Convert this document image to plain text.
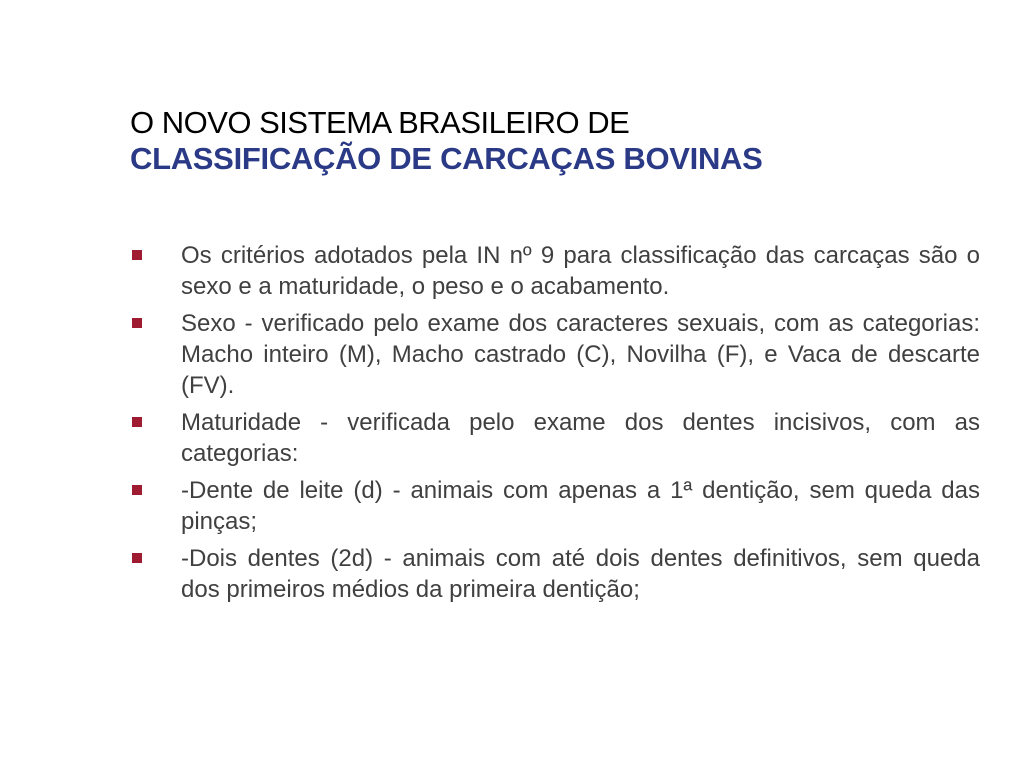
O NOVO SISTEMA BRASILEIRO DE
CLASSIFICAÇÃO DE CARCAÇAS BOVINAS
Os critérios adotados pela IN nº 9 para classificação das carcaças são o sexo e a maturidade, o peso e o acabamento.
Sexo - verificado pelo exame dos caracteres sexuais, com as categorias: Macho inteiro (M), Macho castrado (C), Novilha (F), e Vaca de descarte (FV).
Maturidade - verificada pelo exame dos dentes incisivos, com as categorias:
-Dente de leite (d) - animais com apenas a 1ª dentição, sem queda das pinças;
-Dois dentes (2d) - animais com até dois dentes definitivos, sem queda dos primeiros médios da primeira dentição;
